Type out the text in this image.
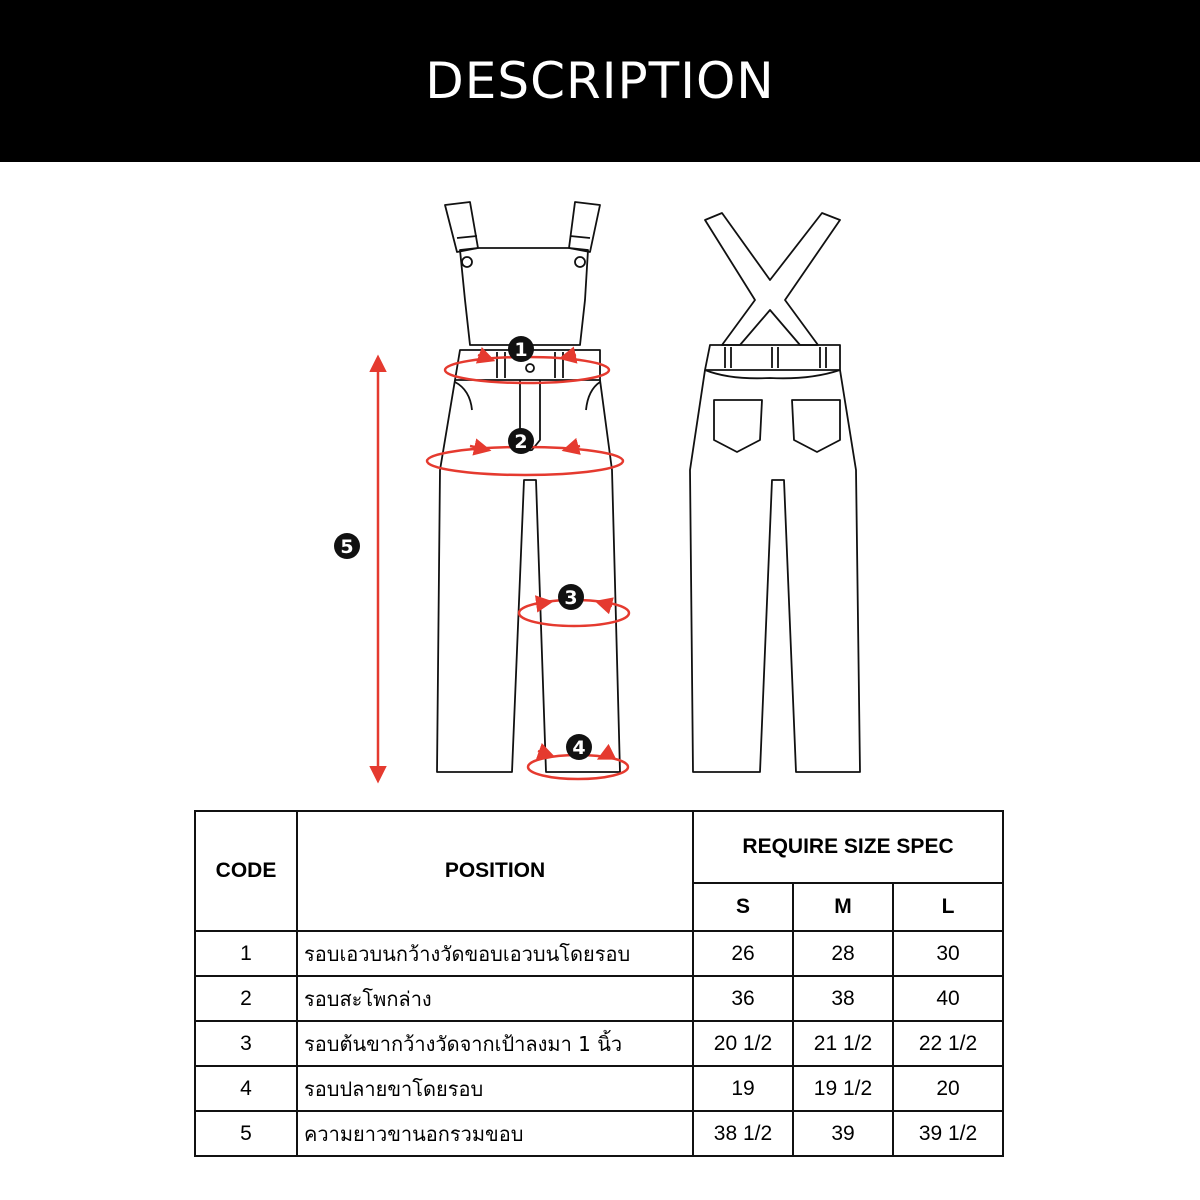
DESCRIPTION
1
2
3
4
5
CODE	POSITION	REQUIRE SIZE SPEC		
		S	M	L
1	รอบเอวบนกว้างวัดขอบเอวบนโดยรอบ	26	28	30
2	รอบสะโพกล่าง	36	38	40
3	รอบต้นขากว้างวัดจากเป้าลงมา 1 นิ้ว	20 1/2	21 1/2	22 1/2
4	รอบปลายขาโดยรอบ	19	19 1/2	20
5	ความยาวขานอกรวมขอบ	38 1/2	39	39 1/2
